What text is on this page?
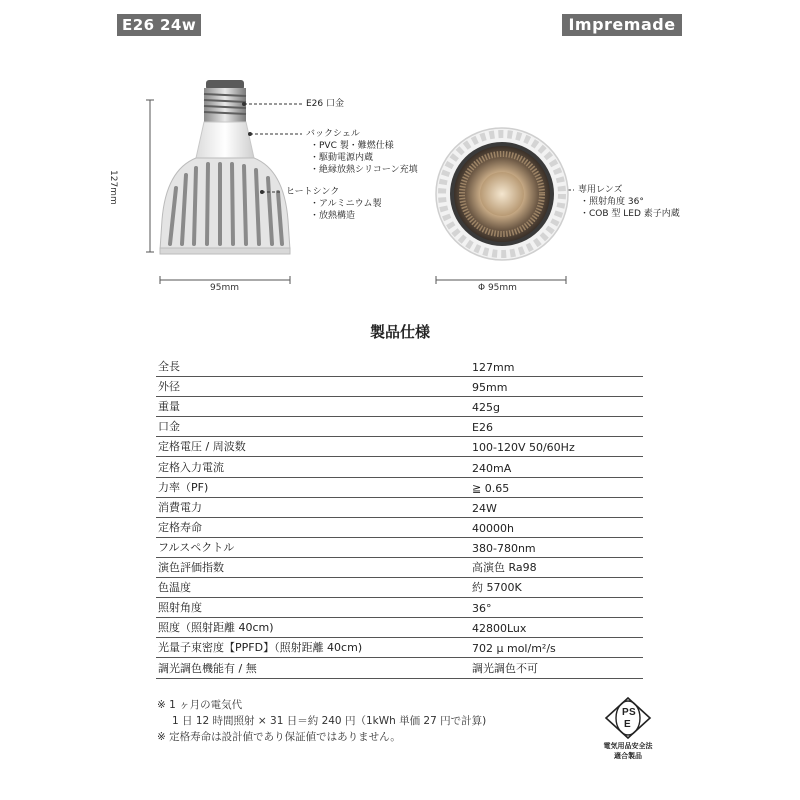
E26 24w	Impremade
E26 口金
バックシェル
・PVC 製・難燃仕様
・駆動電源内蔵
・絶縁放熱シリコーン充填
ヒートシンク
・アルミニウム製
・放熱構造
127mm
95mm	Φ 95mm
専用レンズ
・照射角度 36°
・COB 型 LED 素子内蔵
製品仕様
全長	127mm
外径	95mm
重量	425g
口金	E26
定格電圧 / 周波数	100-120V 50/60Hz
定格入力電流	240mA
力率（PF)	≧ 0.65
消費電力	24W
定格寿命	40000h
フルスペクトル	380-780nm
演色評価指数	高演色 Ra98
色温度	約 5700K
照射角度	36°
照度（照射距離 40cm)	42800Lux
光量子束密度【PPFD】（照射距離 40cm)	702 μ mol/m²/s
調光調色機能有 / 無	調光調色不可
※ 1 ヶ月の電気代
1 日 12 時間照射 × 31 日＝約 240 円（1kWh 単価 27 円で計算)
※ 定格寿命は設計値であり保証値ではありません。
P S
E
電気用品安全法
適合製品
